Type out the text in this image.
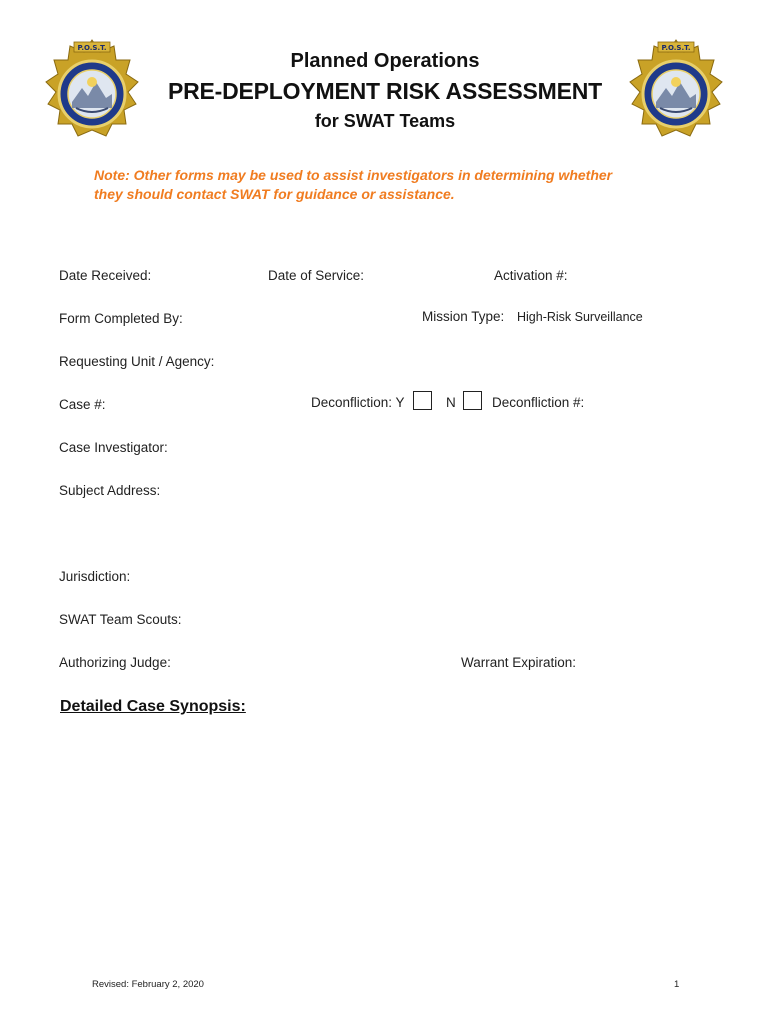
P.O.S.T.	P.O.S.T.
Planned Operations
PRE-DEPLOYMENT RISK ASSESSMENT
for SWAT Teams
Note: Other forms may be used to assist investigators in determining whether
they should contact SWAT for guidance or assistance.
Date Received:	Date of Service:	Activation #:
Form Completed By:	Mission Type: High-Risk Surveillance
Requesting Unit / Agency:
Case #:	Deconfliction: Y	N	Deconfliction #:
Case Investigator:
Subject Address:
Jurisdiction:
SWAT Team Scouts:
Authorizing Judge:	Warrant Expiration:
Detailed Case Synopsis:
Revised: February 2, 2020	1
